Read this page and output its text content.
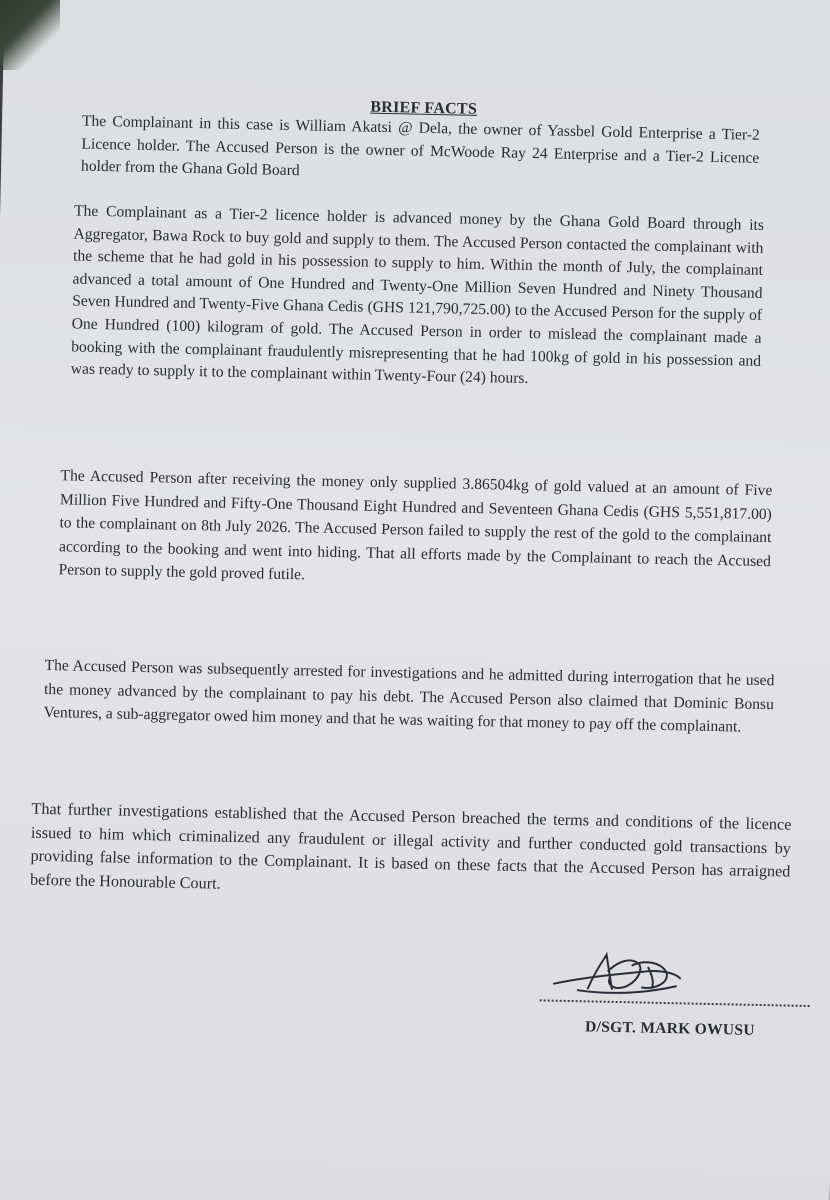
BRIEF FACTS

The Complainant in this case is William Akatsi @ Dela, the owner of Yassbel Gold Enterprise a Tier-2 Licence holder. The Accused Person is the owner of McWoode Ray 24 Enterprise and a Tier-2 Licence holder from the Ghana Gold Board

The Complainant as a Tier-2 licence holder is advanced money by the Ghana Gold Board through its Aggregator, Bawa Rock to buy gold and supply to them. The Accused Person contacted the complainant with the scheme that he had gold in his possession to supply to him. Within the month of July, the complainant advanced a total amount of One Hundred and Twenty-One Million Seven Hundred and Ninety Thousand Seven Hundred and Twenty-Five Ghana Cedis (GHS 121,790,725.00) to the Accused Person for the supply of One Hundred (100) kilogram of gold. The Accused Person in order to mislead the complainant made a booking with the complainant fraudulently misrepresenting that he had 100kg of gold in his possession and was ready to supply it to the complainant within Twenty-Four (24) hours.

The Accused Person after receiving the money only supplied 3.86504kg of gold valued at an amount of Five Million Five Hundred and Fifty-One Thousand Eight Hundred and Seventeen Ghana Cedis (GHS 5,551,817.00) to the complainant on 8th July 2026. The Accused Person failed to supply the rest of the gold to the complainant according to the booking and went into hiding. That all efforts made by the Complainant to reach the Accused Person to supply the gold proved futile.

The Accused Person was subsequently arrested for investigations and he admitted during interrogation that he used the money advanced by the complainant to pay his debt. The Accused Person also claimed that Dominic Bonsu Ventures, a sub-aggregator owed him money and that he was waiting for that money to pay off the complainant.

That further investigations established that the Accused Person breached the terms and conditions of the licence issued to him which criminalized any fraudulent or illegal activity and further conducted gold transactions by providing false information to the Complainant. It is based on these facts that the Accused Person has arraigned before the Honourable Court.

D/SGT. MARK OWUSU
